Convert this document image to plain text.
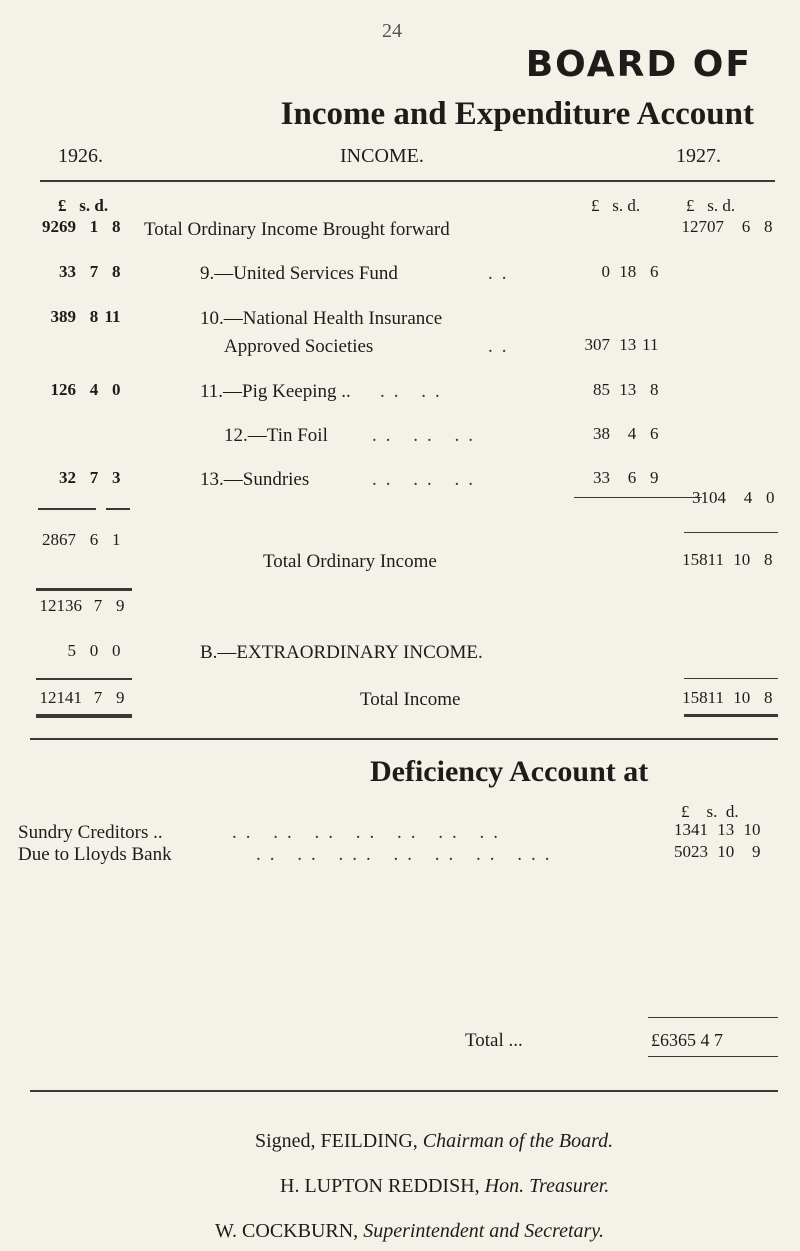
24
BOARD OF
Income and Expenditure Account
1926.	INCOME.	1927.
£ s. d.	£ s. d.	£ s. d.
9269 1 8 Total Ordinary Income Brought forward	12707 6 8
33 7 8	9.—United Services Fund	..	0 18 6
389 8 11	10.—National Health Insurance
Approved Societies	..	307 13 11
126 4 0	11.—Pig Keeping .. .. ..	85 13 8
12.—Tin Foil .. .. ..	38 4 6
32 7 3	13.—Sundries	.. .. ..	33 6 9
3104 4 0
2867 6 1
Total Ordinary Income	15811 10 8
12136 7 9
5 0 0	B.—EXTRAORDINARY INCOME.
12141 7 9	Total Income	15811 10 8
Deficiency Account at
£ s. d.
Sundry Creditors ..	.. .. .. .. .. .. ..	1341 13 10
Due to Lloyds Bank	.. .. ... .. .. .. ...	5023 10 9
Total ...	£6365 4 7
Signed, FEILDING, Chairman of the Board.
H. LUPTON REDDISH, Hon. Treasurer.
W. COCKBURN, Superintendent and Secretary.
